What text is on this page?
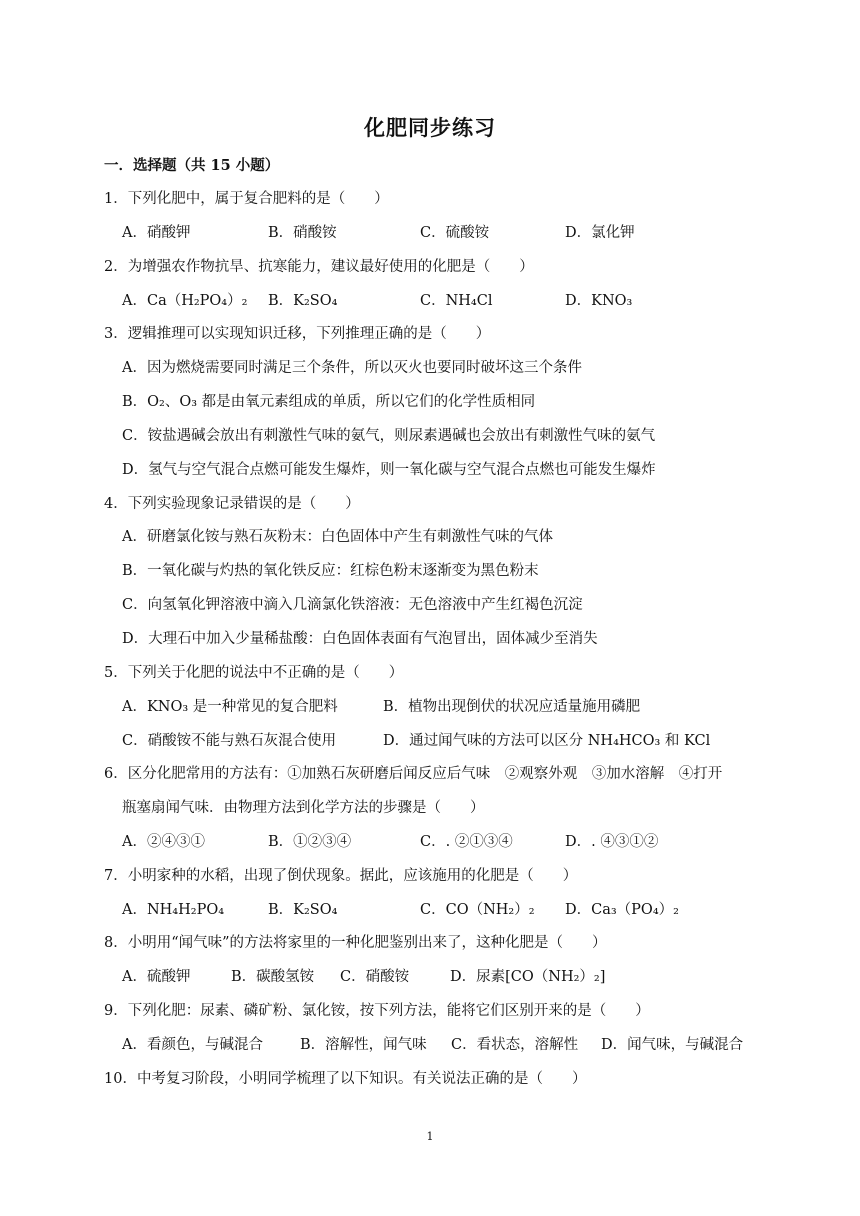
化肥同步练习
一．选择题（共 15 小题）
1．下列化肥中，属于复合肥料的是（　　）
A．硝酸钾	B．硝酸铵	C．硫酸铵	D．氯化钾
2．为增强农作物抗旱、抗寒能力，建议最好使用的化肥是（　　）
A．Ca（H₂PO₄）₂ B．K₂SO₄	C．NH₄Cl	D．KNO₃
3．逻辑推理可以实现知识迁移，下列推理正确的是（　　）
A．因为燃烧需要同时满足三个条件，所以灭火也要同时破坏这三个条件
B．O₂、O₃ 都是由氧元素组成的单质，所以它们的化学性质相同
C．铵盐遇碱会放出有刺激性气味的氨气，则尿素遇碱也会放出有刺激性气味的氨气
D．氢气与空气混合点燃可能发生爆炸，则一氧化碳与空气混合点燃也可能发生爆炸
4．下列实验现象记录错误的是（　　）
A．研磨氯化铵与熟石灰粉末：白色固体中产生有刺激性气味的气体
B．一氧化碳与灼热的氧化铁反应：红棕色粉末逐渐变为黑色粉末
C．向氢氧化钾溶液中滴入几滴氯化铁溶液：无色溶液中产生红褐色沉淀
D．大理石中加入少量稀盐酸：白色固体表面有气泡冒出，固体减少至消失
5．下列关于化肥的说法中不正确的是（　　）
A．KNO₃ 是一种常见的复合肥料	B．植物出现倒伏的状况应适量施用磷肥
C．硝酸铵不能与熟石灰混合使用	D．通过闻气味的方法可以区分 NH₄HCO₃ 和 KCl
6．区分化肥常用的方法有：①加熟石灰研磨后闻反应后气味　②观察外观　③加水溶解　④打开
瓶塞扇闻气味．由物理方法到化学方法的步骤是（　　）
A．②④③①	B．①②③④	C．. ②①③④	D．. ④③①②
7．小明家种的水稻，出现了倒伏现象。据此，应该施用的化肥是（　　）
A．NH₄H₂PO₄	B．K₂SO₄	C．CO（NH₂）₂ D．Ca₃（PO₄）₂
8．小明用“闻气味”的方法将家里的一种化肥鉴别出来了，这种化肥是（　　）
A．硫酸钾	B．碳酸氢铵 C．硝酸铵	D．尿素[CO（NH₂）₂]
9．下列化肥：尿素、磷矿粉、氯化铵，按下列方法，能将它们区别开来的是（　　）
A．看颜色，与碱混合	B．溶解性，闻气味 C．看状态，溶解性 D．闻气味，与碱混合
10．中考复习阶段，小明同学梳理了以下知识。有关说法正确的是（　　）
1
